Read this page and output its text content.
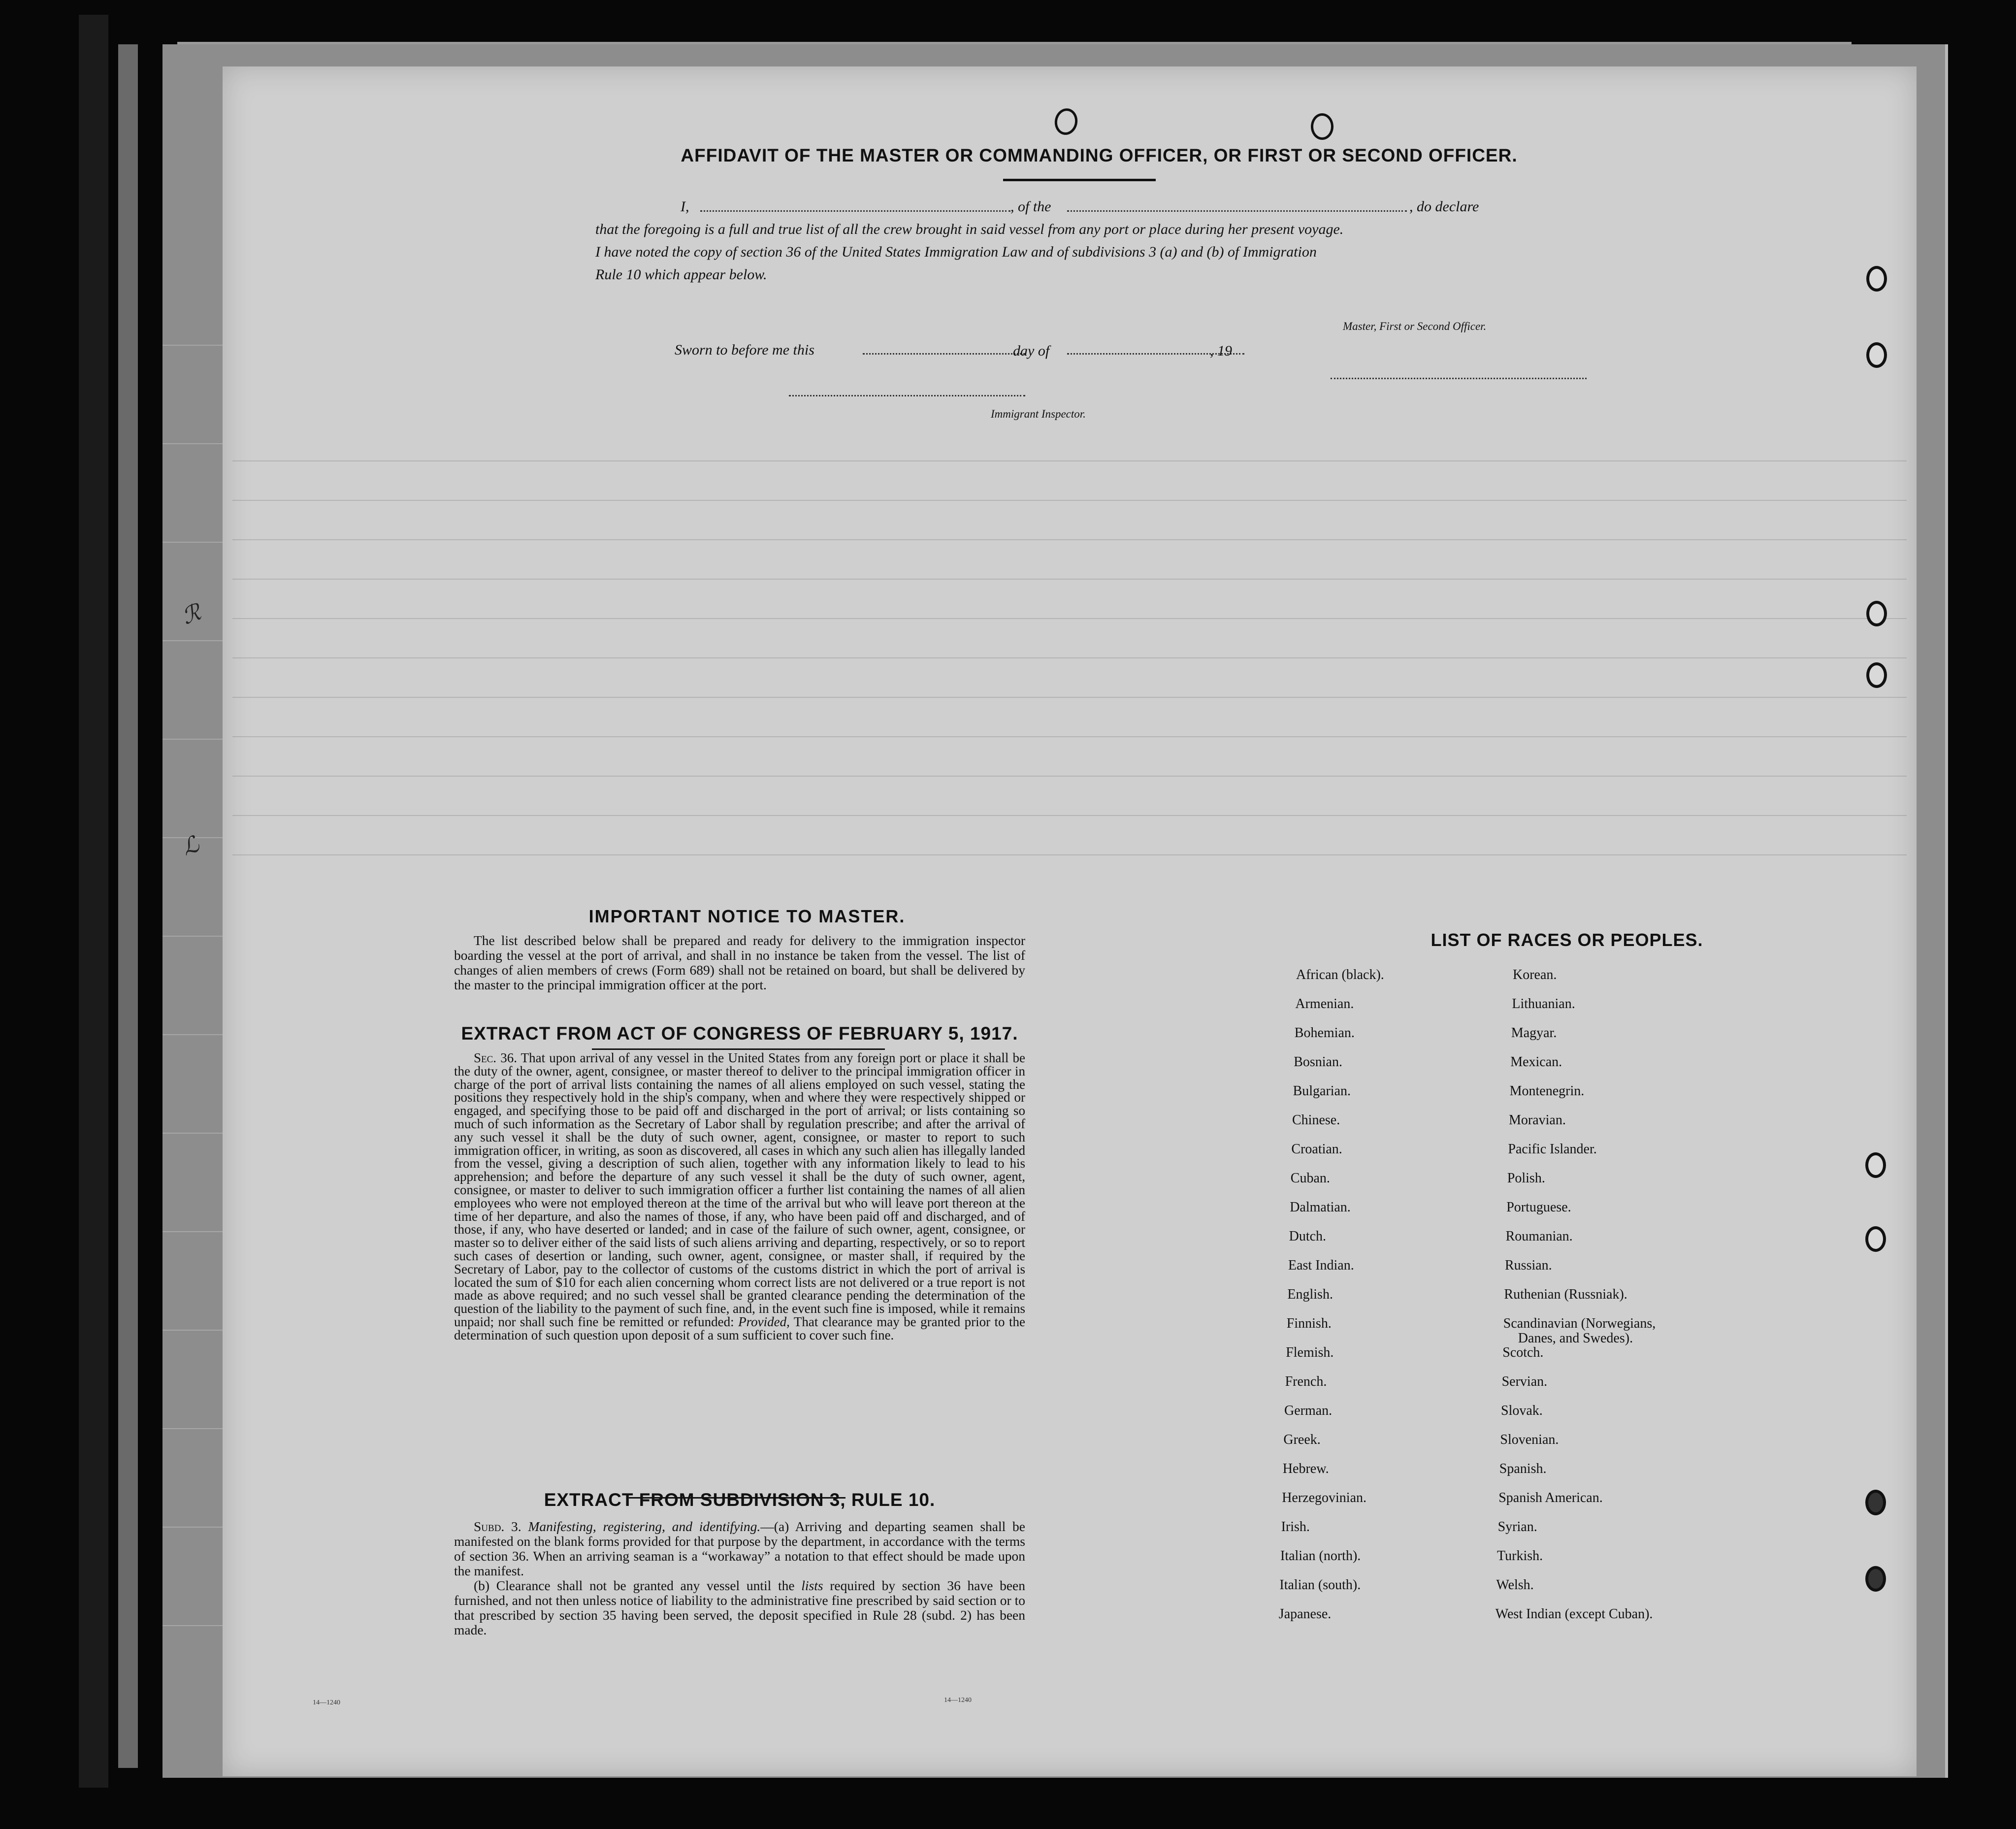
ℛ
ℒ
AFFIDAVIT OF THE MASTER OR COMMANDING OFFICER, OR FIRST OR SECOND OFFICER.
I,	, of the	, do declare
that the foregoing is a full and true list of all the crew brought in said vessel from any port or place during her present voyage.
I have noted the copy of section 36 of the United States Immigration Law and of subdivisions 3 (a) and (b) of Immigration
Rule 10 which appear below.
Master, First or Second Officer.
Sworn to before me this	day of	, 19
Immigrant Inspector.
IMPORTANT NOTICE TO MASTER.
The list described below shall be prepared and ready for delivery to the immigration inspector boarding the vessel at the port of arrival, and shall in no instance be taken from the vessel. The list of changes of alien members of crews (Form 689) shall not be retained on board, but shall be delivered by the master to the principal immigration officer at the port.
EXTRACT FROM ACT OF CONGRESS OF FEBRUARY 5, 1917.
Sec. 36. That upon arrival of any vessel in the United States from any foreign port or place it shall be the duty of the owner, agent, consignee, or master thereof to deliver to the principal immigration officer in charge of the port of arrival lists containing the names of all aliens employed on such vessel, stating the positions they respectively hold in the ship's company, when and where they were respectively shipped or engaged, and specifying those to be paid off and discharged in the port of arrival; or lists containing so much of such information as the Secretary of Labor shall by regulation prescribe; and after the arrival of any such vessel it shall be the duty of such owner, agent, consignee, or master to report to such immigration officer, in writing, as soon as discovered, all cases in which any such alien has illegally landed from the vessel, giving a description of such alien, together with any information likely to lead to his apprehension; and before the departure of any such vessel it shall be the duty of such owner, agent, consignee, or master to deliver to such immigration officer a further list containing the names of all alien employees who were not employed thereon at the time of the arrival but who will leave port thereon at the time of her departure, and also the names of those, if any, who have been paid off and discharged, and of those, if any, who have deserted or landed; and in case of the failure of such owner, agent, consignee, or master so to deliver either of the said lists of such aliens arriving and departing, respectively, or so to report such cases of desertion or landing, such owner, agent, consignee, or master shall, if required by the Secretary of Labor, pay to the collector of customs of the customs district in which the port of arrival is located the sum of $10 for each alien concerning whom correct lists are not delivered or a true report is not made as above required; and no such vessel shall be granted clearance pending the determination of the question of the liability to the payment of such fine, and, in the event such fine is imposed, while it remains unpaid; nor shall such fine be remitted or refunded: Provided, That clearance may be granted prior to the determination of such question upon deposit of a sum sufficient to cover such fine.
EXTRACT FROM SUBDIVISION 3, RULE 10.
Subd. 3. Manifesting, registering, and identifying.—(a) Arriving and departing seamen shall be manifested on the blank forms provided for that purpose by the department, in accordance with the terms of section 36. When an arriving seaman is a “workaway” a notation to that effect should be made upon the manifest.
(b) Clearance shall not be granted any vessel until the lists required by section 36 have been furnished, and not then unless notice of liability to the administrative fine prescribed by said section or to that prescribed by section 35 having been served, the deposit specified in Rule 28 (subd. 2) has been made.
14—1240
LIST OF RACES OR PEOPLES.
African (black).
Armenian.
Bohemian.
Bosnian.
Bulgarian.
Chinese.
Croatian.
Cuban.
Dalmatian.
Dutch.
East Indian.
English.
Finnish.
Flemish.
French.
German.
Greek.
Hebrew.
Herzegovinian.
Irish.
Italian (north).
Italian (south).
Japanese.
Korean.
Lithuanian.
Magyar.
Mexican.
Montenegrin.
Moravian.
Pacific Islander.
Polish.
Portuguese.
Roumanian.
Russian.
Ruthenian (Russniak).
Scandinavian (Norwegians,
Danes, and Swedes).
Scotch.
Servian.
Slovak.
Slovenian.
Spanish.
Spanish American.
Syrian.
Turkish.
Welsh.
West Indian (except Cuban).
14—1240
